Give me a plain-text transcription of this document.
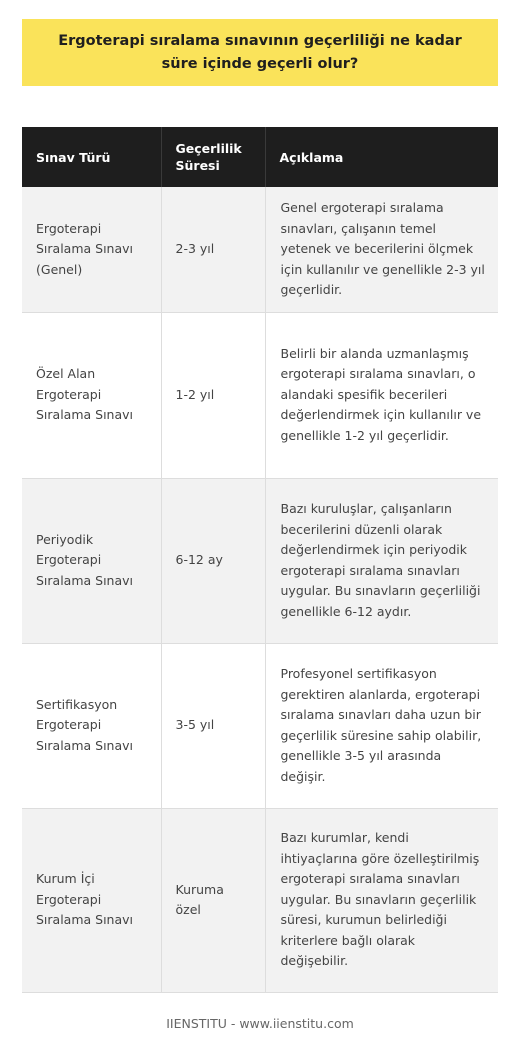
Ergoterapi sıralama sınavının geçerliliği ne kadar süre içinde geçerli olur?
Sınav Türü	Geçerlilik Süresi	Açıklama
Ergoterapi Sıralama Sınavı (Genel)	2-3 yıl	Genel ergoterapi sıralama sınavları, çalışanın temel yetenek ve becerilerini ölçmek için kullanılır ve genellikle 2-3 yıl geçerlidir.
Özel Alan Ergoterapi Sıralama Sınavı	1-2 yıl	Belirli bir alanda uzmanlaşmış ergoterapi sıralama sınavları, o alandaki spesifik becerileri değerlendirmek için kullanılır ve genellikle 1-2 yıl geçerlidir.
Periyodik Ergoterapi Sıralama Sınavı	6-12 ay	Bazı kuruluşlar, çalışanların becerilerini düzenli olarak değerlendirmek için periyodik ergoterapi sıralama sınavları uygular. Bu sınavların geçerliliği genellikle 6-12 aydır.
Sertifikasyon Ergoterapi Sıralama Sınavı	3-5 yıl	Profesyonel sertifikasyon gerektiren alanlarda, ergoterapi sıralama sınavları daha uzun bir geçerlilik süresine sahip olabilir, genellikle 3-5 yıl arasında değişir.
Kurum İçi Ergoterapi Sıralama Sınavı	Kuruma özel	Bazı kurumlar, kendi ihtiyaçlarına göre özelleştirilmiş ergoterapi sıralama sınavları uygular. Bu sınavların geçerlilik süresi, kurumun belirlediği kriterlere bağlı olarak değişebilir.
IIENSTITU - www.iienstitu.com
